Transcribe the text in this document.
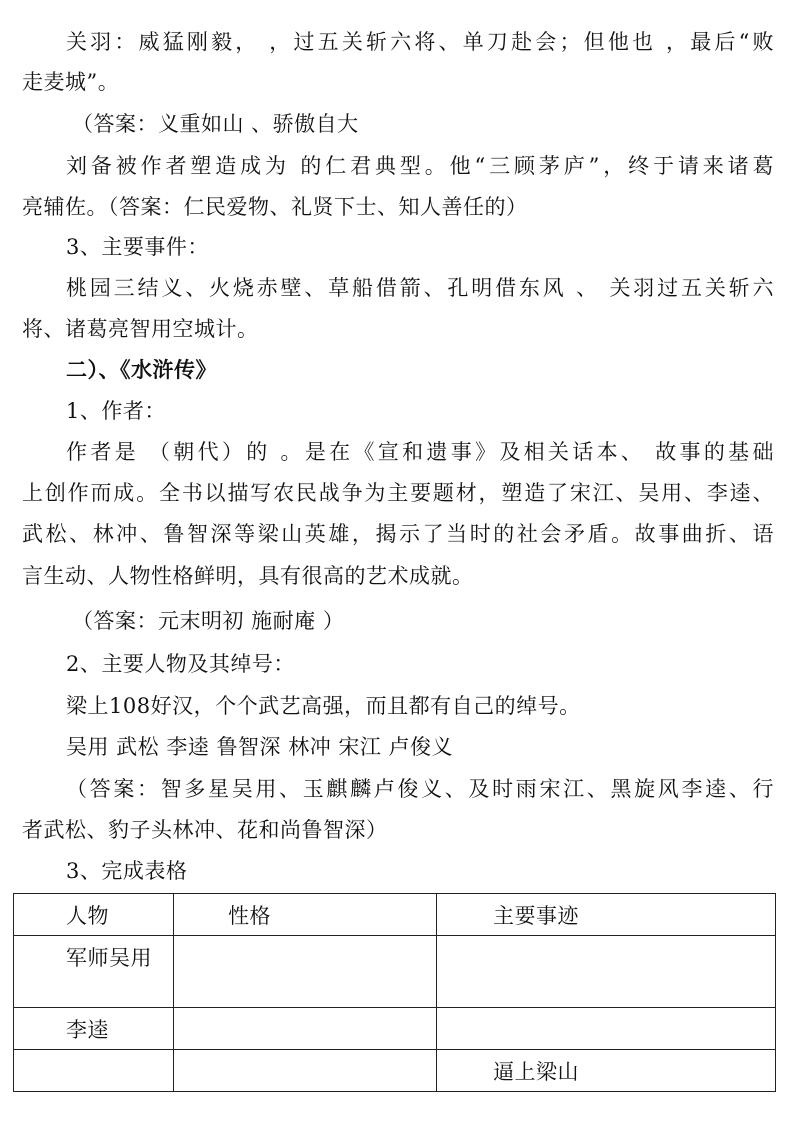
关羽：威猛刚毅， ，过五关斩六将、单刀赴会；但他也 ，最后“败
走麦城”。
（答案：义重如山 、骄傲自大
刘备被作者塑造成为 的仁君典型。他“三顾茅庐”，终于请来诸葛
亮辅佐。（答案：仁民爱物、礼贤下士、知人善任的）
3、主要事件：
桃园三结义、火烧赤壁、草船借箭、孔明借东风 、 关羽过五关斩六
将、诸葛亮智用空城计。
二）、《水浒传》
1、作者：
作者是 （朝代）的 。是在《宣和遗事》及相关话本、 故事的基础
上创作而成。全书以描写农民战争为主要题材，塑造了宋江、吴用、李逵、
武松、林冲、鲁智深等梁山英雄，揭示了当时的社会矛盾。故事曲折、语
言生动、人物性格鲜明，具有很高的艺术成就。
（答案：元末明初 施耐庵 ）
2、主要人物及其绰号：
梁上108好汉，个个武艺高强，而且都有自己的绰号。
吴用 武松 李逵 鲁智深 林冲 宋江 卢俊义
（答案：智多星吴用、玉麒麟卢俊义、及时雨宋江、黑旋风李逵、行
者武松、豹子头林冲、花和尚鲁智深）
3、完成表格
人物	性格	主要事迹
军师吴用		
李逵		
		逼上梁山
